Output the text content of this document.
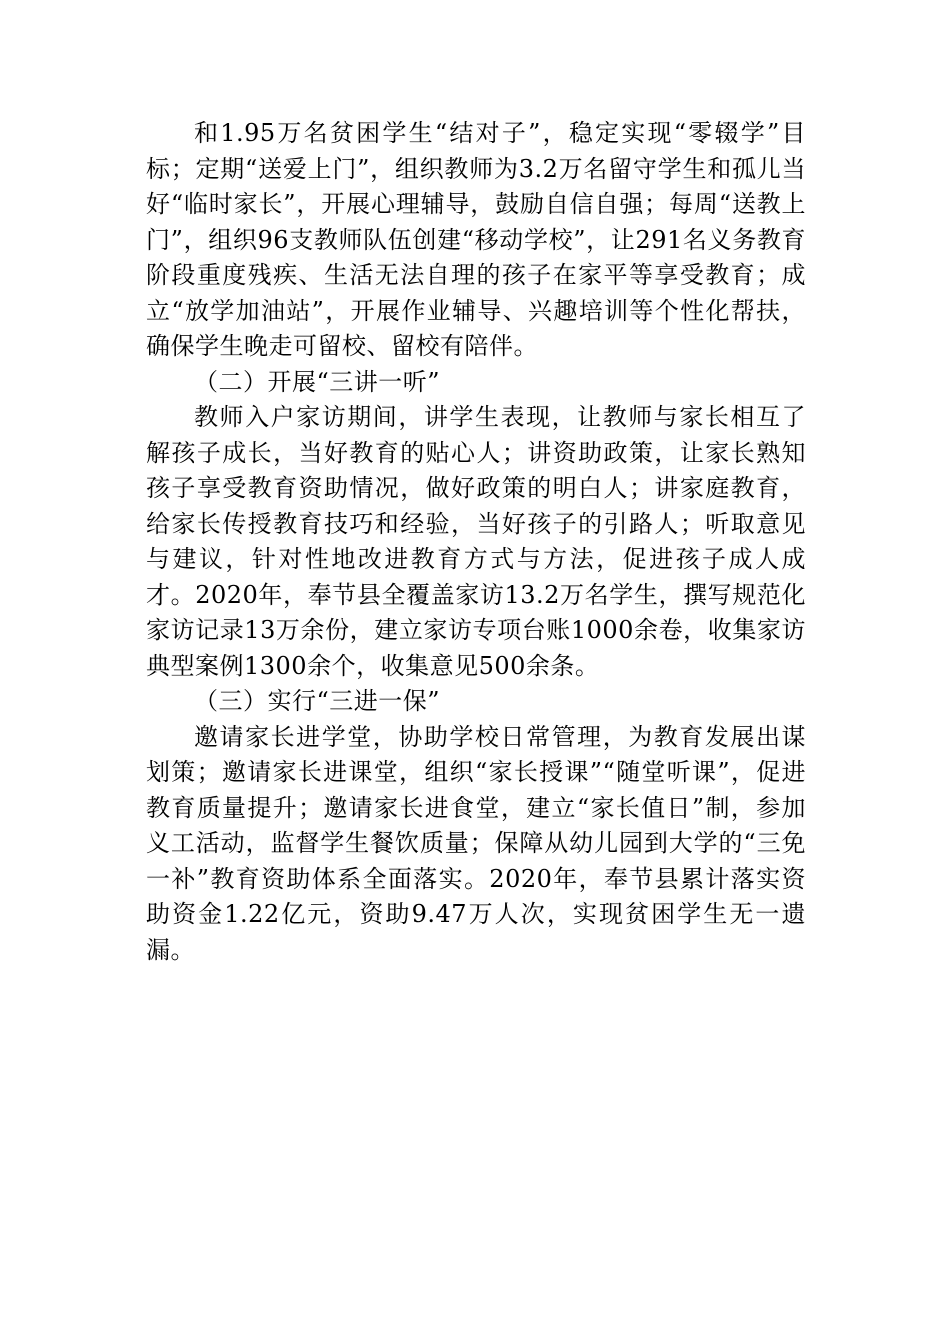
和1.95万名贫困学生“结对子”，稳定实现“零辍学”目标；定期“送爱上门”，组织教师为3.2万名留守学生和孤儿当好“临时家长”，开展心理辅导，鼓励自信自强；每周“送教上门”，组织96支教师队伍创建“移动学校”，让291名义务教育阶段重度残疾、生活无法自理的孩子在家平等享受教育；成立“放学加油站”，开展作业辅导、兴趣培训等个性化帮扶，确保学生晚走可留校、留校有陪伴。

（二）开展“三讲一听”

教师入户家访期间，讲学生表现，让教师与家长相互了解孩子成长，当好教育的贴心人；讲资助政策，让家长熟知孩子享受教育资助情况，做好政策的明白人；讲家庭教育，给家长传授教育技巧和经验，当好孩子的引路人；听取意见与建议，针对性地改进教育方式与方法，促进孩子成人成才。2020年，奉节县全覆盖家访13.2万名学生，撰写规范化家访记录13万余份，建立家访专项台账1000余卷，收集家访典型案例1300余个，收集意见500余条。

（三）实行“三进一保”

邀请家长进学堂，协助学校日常管理，为教育发展出谋划策；邀请家长进课堂，组织“家长授课”“随堂听课”，促进教育质量提升；邀请家长进食堂，建立“家长值日”制，参加义工活动，监督学生餐饮质量；保障从幼儿园到大学的“三免一补”教育资助体系全面落实。2020年，奉节县累计落实资助资金1.22亿元，资助9.47万人次，实现贫困学生无一遗漏。
